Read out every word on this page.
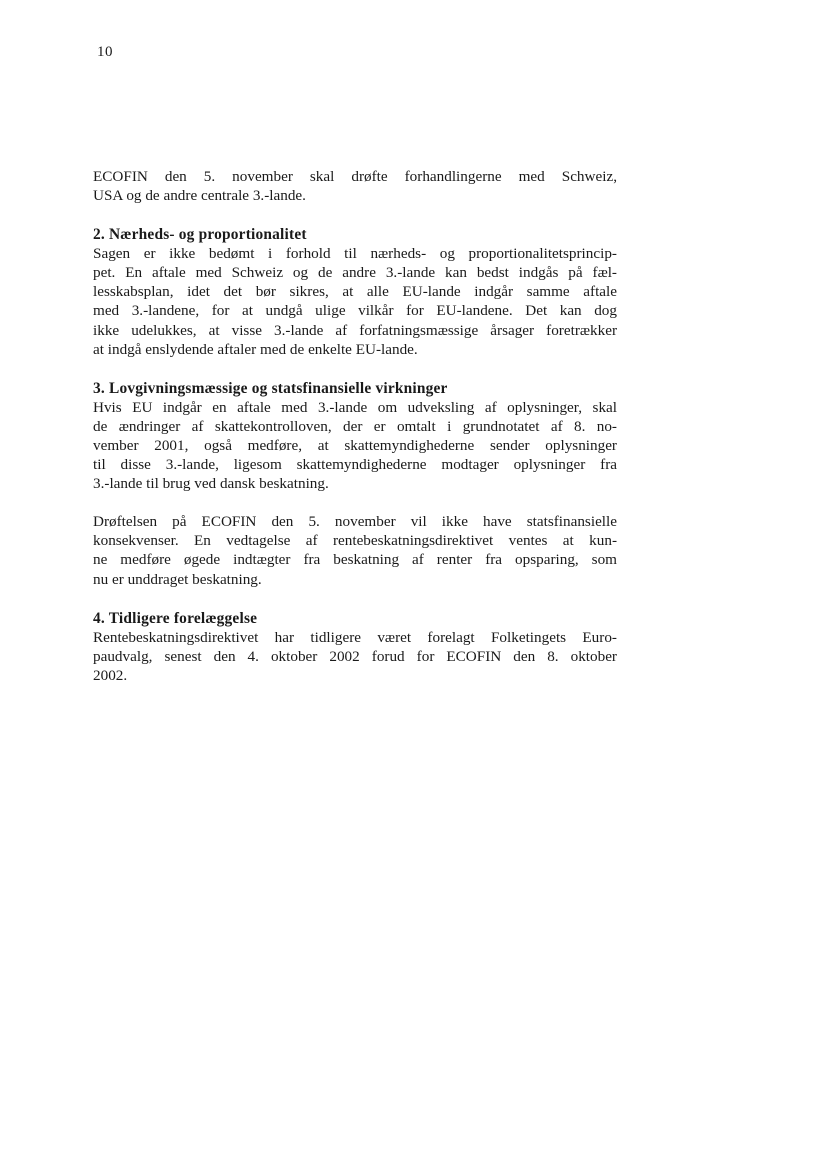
10

ECOFIN den 5. november skal drøfte forhandlingerne med Schweiz,
USA og de andre centrale 3.-lande.

2. Nærheds- og proportionalitet

Sagen er ikke bedømt i forhold til nærheds- og proportionalitetsprincip-
pet. En aftale med Schweiz og de andre 3.-lande kan bedst indgås på fæl-
lesskabsplan, idet det bør sikres, at alle EU-lande indgår samme aftale
med 3.-landene, for at undgå ulige vilkår for EU-landene. Det kan dog
ikke udelukkes, at visse 3.-lande af forfatningsmæssige årsager foretrækker
at indgå enslydende aftaler med de enkelte EU-lande.

3. Lovgivningsmæssige og statsfinansielle virkninger

Hvis EU indgår en aftale med 3.-lande om udveksling af oplysninger, skal
de ændringer af skattekontrolloven, der er omtalt i grundnotatet af 8. no-
vember 2001, også medføre, at skattemyndighederne sender oplysninger
til disse 3.-lande, ligesom skattemyndighederne modtager oplysninger fra
3.-lande til brug ved dansk beskatning.

Drøftelsen på ECOFIN den 5. november vil ikke have statsfinansielle
konsekvenser. En vedtagelse af rentebeskatningsdirektivet ventes at kun-
ne medføre øgede indtægter fra beskatning af renter fra opsparing, som
nu er unddraget beskatning.

4. Tidligere forelæggelse

Rentebeskatningsdirektivet har tidligere været forelagt Folketingets Euro-
paudvalg, senest den 4. oktober 2002 forud for ECOFIN den 8. oktober
2002.
